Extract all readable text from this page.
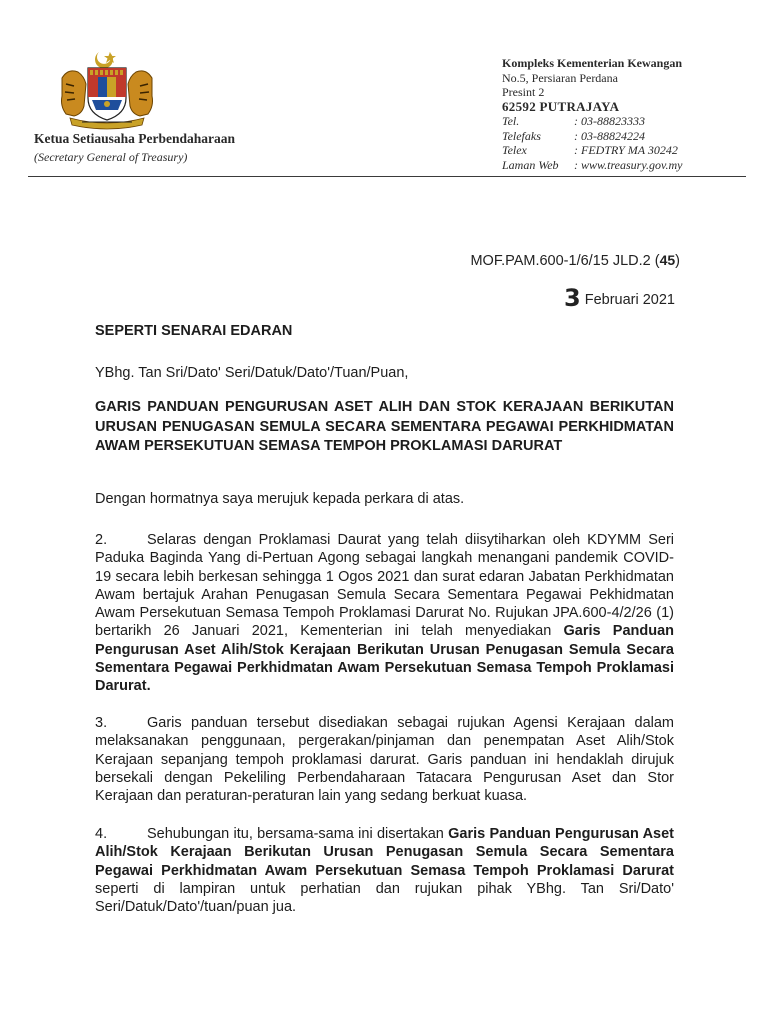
Ketua Setiausaha Perbendaharaan
(Secretary General of Treasury)
Kompleks Kementerian Kewangan
No.5, Persiaran Perdana
Presint 2
62592 PUTRAJAYA
Tel.	: 03-88823333
Telefaks	: 03-88824224
Telex	: FEDTRY MA 30242
Laman Web	: www.treasury.gov.my
MOF.PAM.600-1/6/15 JLD.2 (45)
3 Februari 2021
SEPERTI SENARAI EDARAN
YBhg. Tan Sri/Dato' Seri/Datuk/Dato'/Tuan/Puan,

GARIS PANDUAN PENGURUSAN ASET ALIH DAN STOK KERAJAAN BERIKUTAN URUSAN PENUGASAN SEMULA SECARA SEMENTARA PEGAWAI PERKHIDMATAN AWAM PERSEKUTUAN SEMASA TEMPOH PROKLAMASI DARURAT

Dengan hormatnya saya merujuk kepada perkara di atas.

2.	Selaras dengan Proklamasi Daurat yang telah diisytiharkan oleh KDYMM Seri Paduka Baginda Yang di-Pertuan Agong sebagai langkah menangani pandemik COVID-19 secara lebih berkesan sehingga 1 Ogos 2021 dan surat edaran Jabatan Perkhidmatan Awam bertajuk Arahan Penugasan Semula Secara Sementara Pegawai Pekhidmatan Awam Persekutuan Semasa Tempoh Proklamasi Darurat No. Rujukan JPA.600-4/2/26 (1) bertarikh 26 Januari 2021, Kementerian ini telah menyediakan Garis Panduan Pengurusan Aset Alih/Stok Kerajaan Berikutan Urusan Penugasan Semula Secara Sementara Pegawai Perkhidmatan Awam Persekutuan Semasa Tempoh Proklamasi Darurat.

3.	Garis panduan tersebut disediakan sebagai rujukan Agensi Kerajaan dalam melaksanakan penggunaan, pergerakan/pinjaman dan penempatan Aset Alih/Stok Kerajaan sepanjang tempoh proklamasi darurat. Garis panduan ini hendaklah dirujuk bersekali dengan Pekeliling Perbendaharaan Tatacara Pengurusan Aset dan Stor Kerajaan dan peraturan-peraturan lain yang sedang berkuat kuasa.

4.	Sehubungan itu, bersama-sama ini disertakan Garis Panduan Pengurusan Aset Alih/Stok Kerajaan Berikutan Urusan Penugasan Semula Secara Sementara Pegawai Perkhidmatan Awam Persekutuan Semasa Tempoh Proklamasi Darurat seperti di lampiran untuk perhatian dan rujukan pihak YBhg. Tan Sri/Dato' Seri/Datuk/Dato'/tuan/puan jua.
